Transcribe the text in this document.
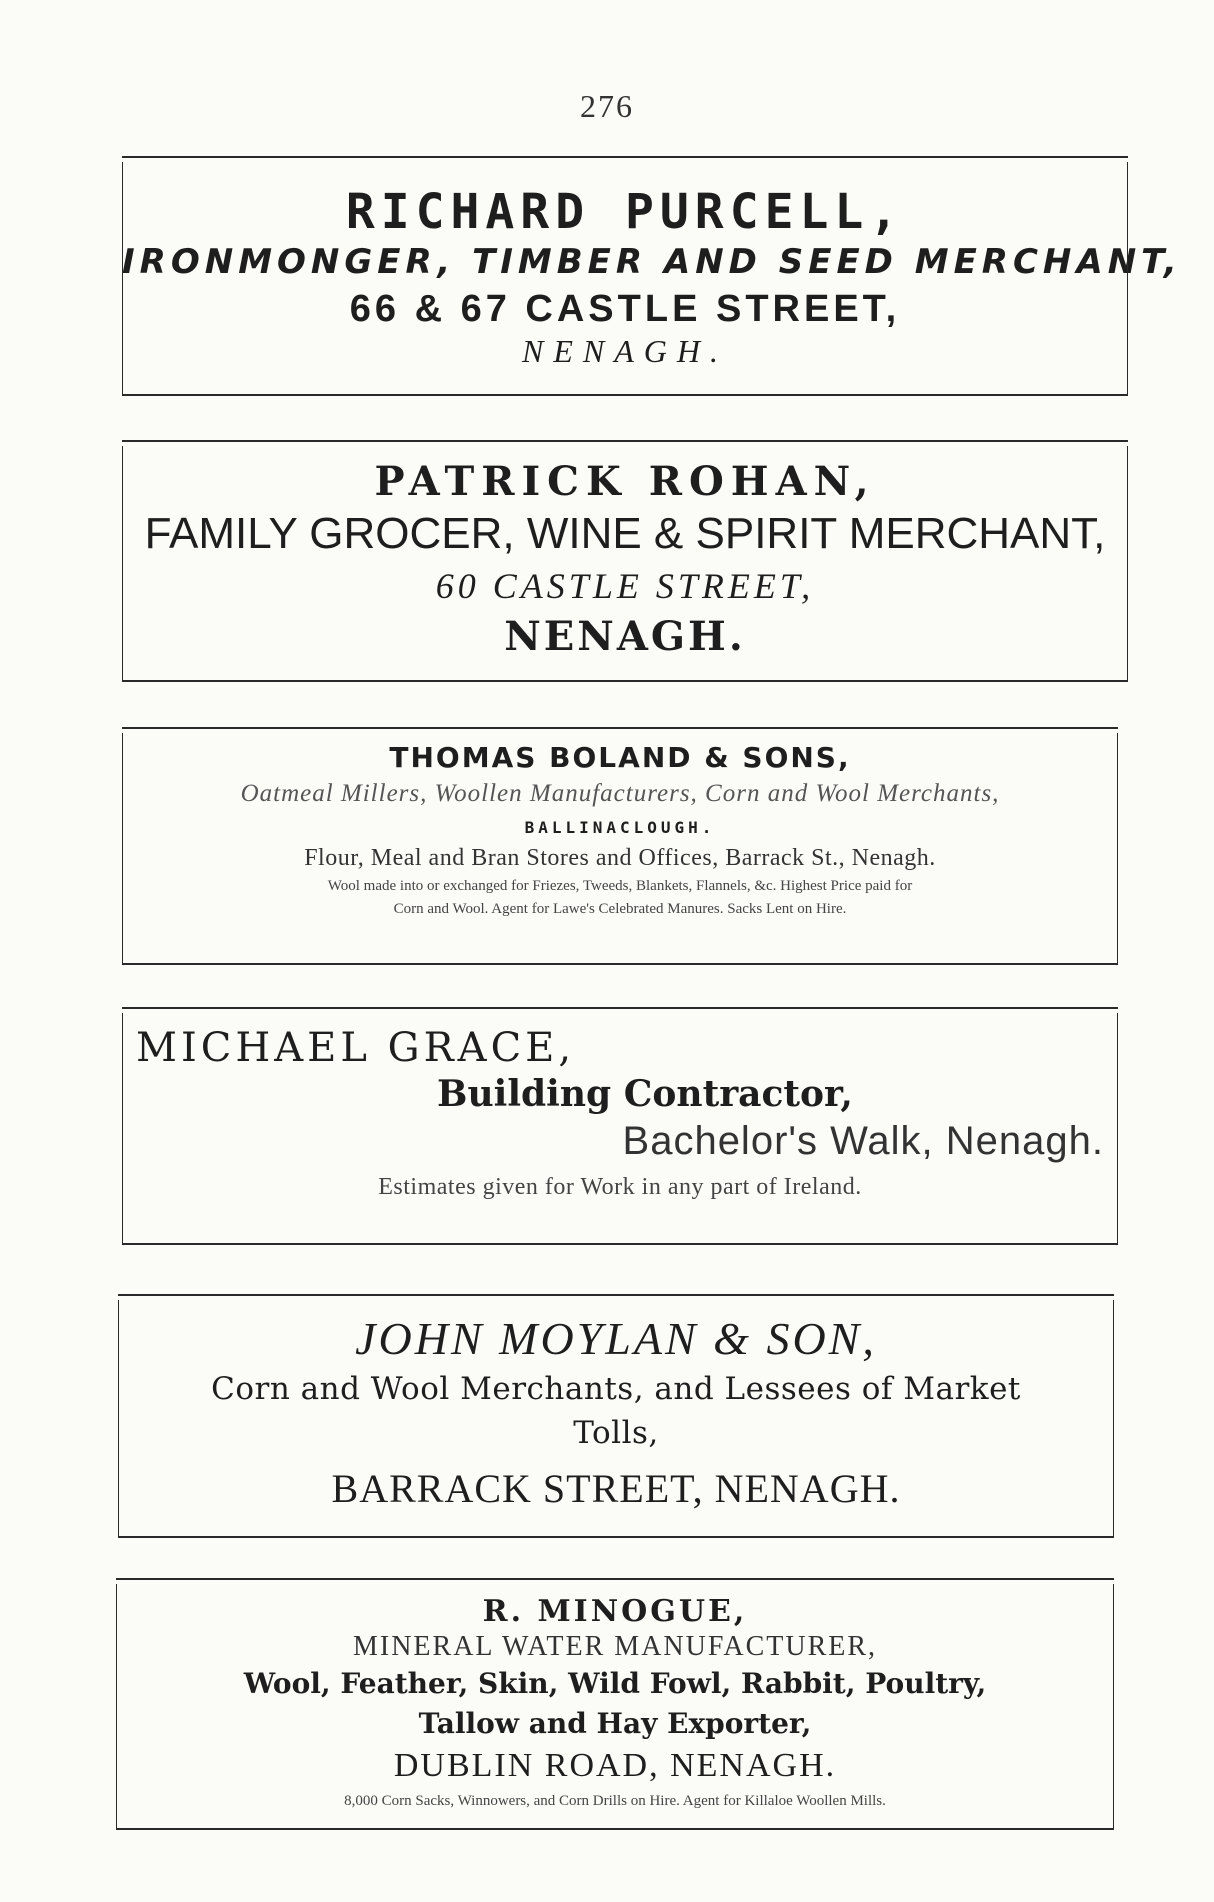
276
RICHARD PURCELL,
IRONMONGER, TIMBER AND SEED MERCHANT,
66 & 67 CASTLE STREET,
NENAGH.
PATRICK ROHAN,
FAMILY GROCER, WINE & SPIRIT MERCHANT,
60 CASTLE STREET,
NENAGH.
THOMAS BOLAND & SONS,
Oatmeal Millers, Woollen Manufacturers, Corn and Wool Merchants,
BALLINACLOUGH.
Flour, Meal and Bran Stores and Offices, Barrack St., Nenagh.
Wool made into or exchanged for Friezes, Tweeds, Blankets, Flannels, &c. Highest Price paid for
Corn and Wool. Agent for Lawe's Celebrated Manures. Sacks Lent on Hire.
MICHAEL GRACE,
Building Contractor,
Bachelor's Walk, Nenagh.
Estimates given for Work in any part of Ireland.
JOHN MOYLAN & SON,
Corn and Wool Merchants, and Lessees of Market
Tolls,
BARRACK STREET, NENAGH.
R. MINOGUE,
MINERAL WATER MANUFACTURER,
Wool, Feather, Skin, Wild Fowl, Rabbit, Poultry,
Tallow and Hay Exporter,
DUBLIN ROAD, NENAGH.
8,000 Corn Sacks, Winnowers, and Corn Drills on Hire. Agent for Killaloe Woollen Mills.
